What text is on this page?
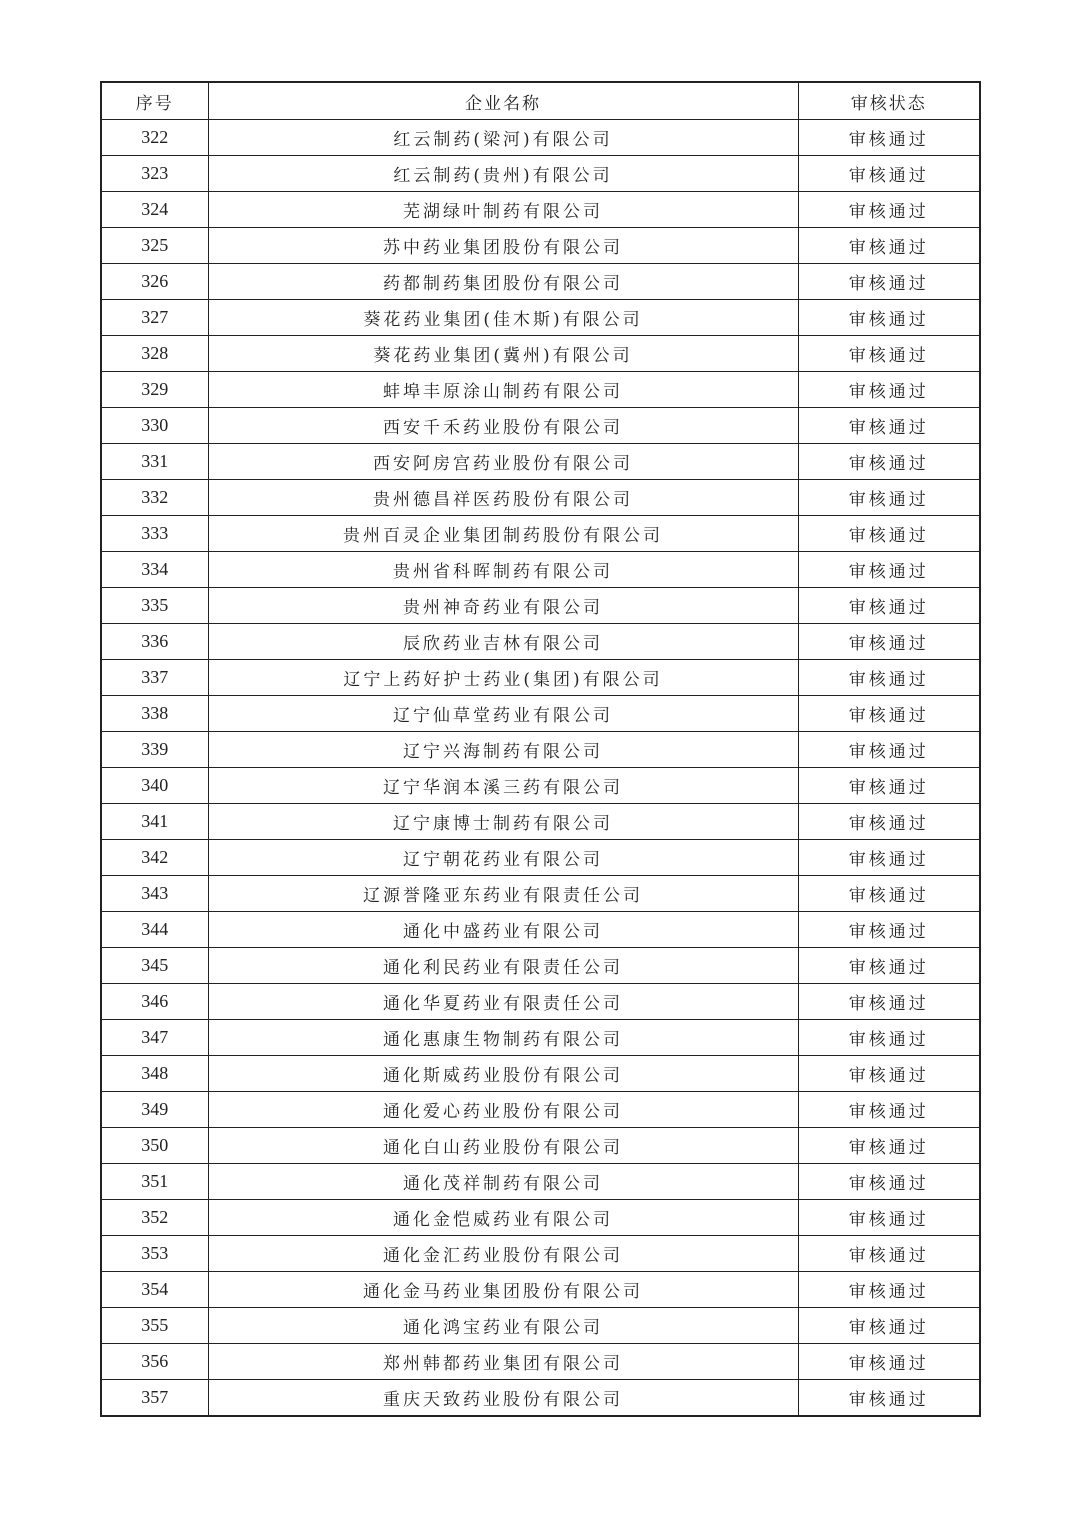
序号	企业名称	审核状态
322	红云制药(梁河)有限公司	审核通过
323	红云制药(贵州)有限公司	审核通过
324	芜湖绿叶制药有限公司	审核通过
325	苏中药业集团股份有限公司	审核通过
326	药都制药集团股份有限公司	审核通过
327	葵花药业集团(佳木斯)有限公司	审核通过
328	葵花药业集团(冀州)有限公司	审核通过
329	蚌埠丰原涂山制药有限公司	审核通过
330	西安千禾药业股份有限公司	审核通过
331	西安阿房宫药业股份有限公司	审核通过
332	贵州德昌祥医药股份有限公司	审核通过
333	贵州百灵企业集团制药股份有限公司	审核通过
334	贵州省科晖制药有限公司	审核通过
335	贵州神奇药业有限公司	审核通过
336	辰欣药业吉林有限公司	审核通过
337	辽宁上药好护士药业(集团)有限公司	审核通过
338	辽宁仙草堂药业有限公司	审核通过
339	辽宁兴海制药有限公司	审核通过
340	辽宁华润本溪三药有限公司	审核通过
341	辽宁康博士制药有限公司	审核通过
342	辽宁朝花药业有限公司	审核通过
343	辽源誉隆亚东药业有限责任公司	审核通过
344	通化中盛药业有限公司	审核通过
345	通化利民药业有限责任公司	审核通过
346	通化华夏药业有限责任公司	审核通过
347	通化惠康生物制药有限公司	审核通过
348	通化斯威药业股份有限公司	审核通过
349	通化爱心药业股份有限公司	审核通过
350	通化白山药业股份有限公司	审核通过
351	通化茂祥制药有限公司	审核通过
352	通化金恺威药业有限公司	审核通过
353	通化金汇药业股份有限公司	审核通过
354	通化金马药业集团股份有限公司	审核通过
355	通化鸿宝药业有限公司	审核通过
356	郑州韩都药业集团有限公司	审核通过
357	重庆天致药业股份有限公司	审核通过
